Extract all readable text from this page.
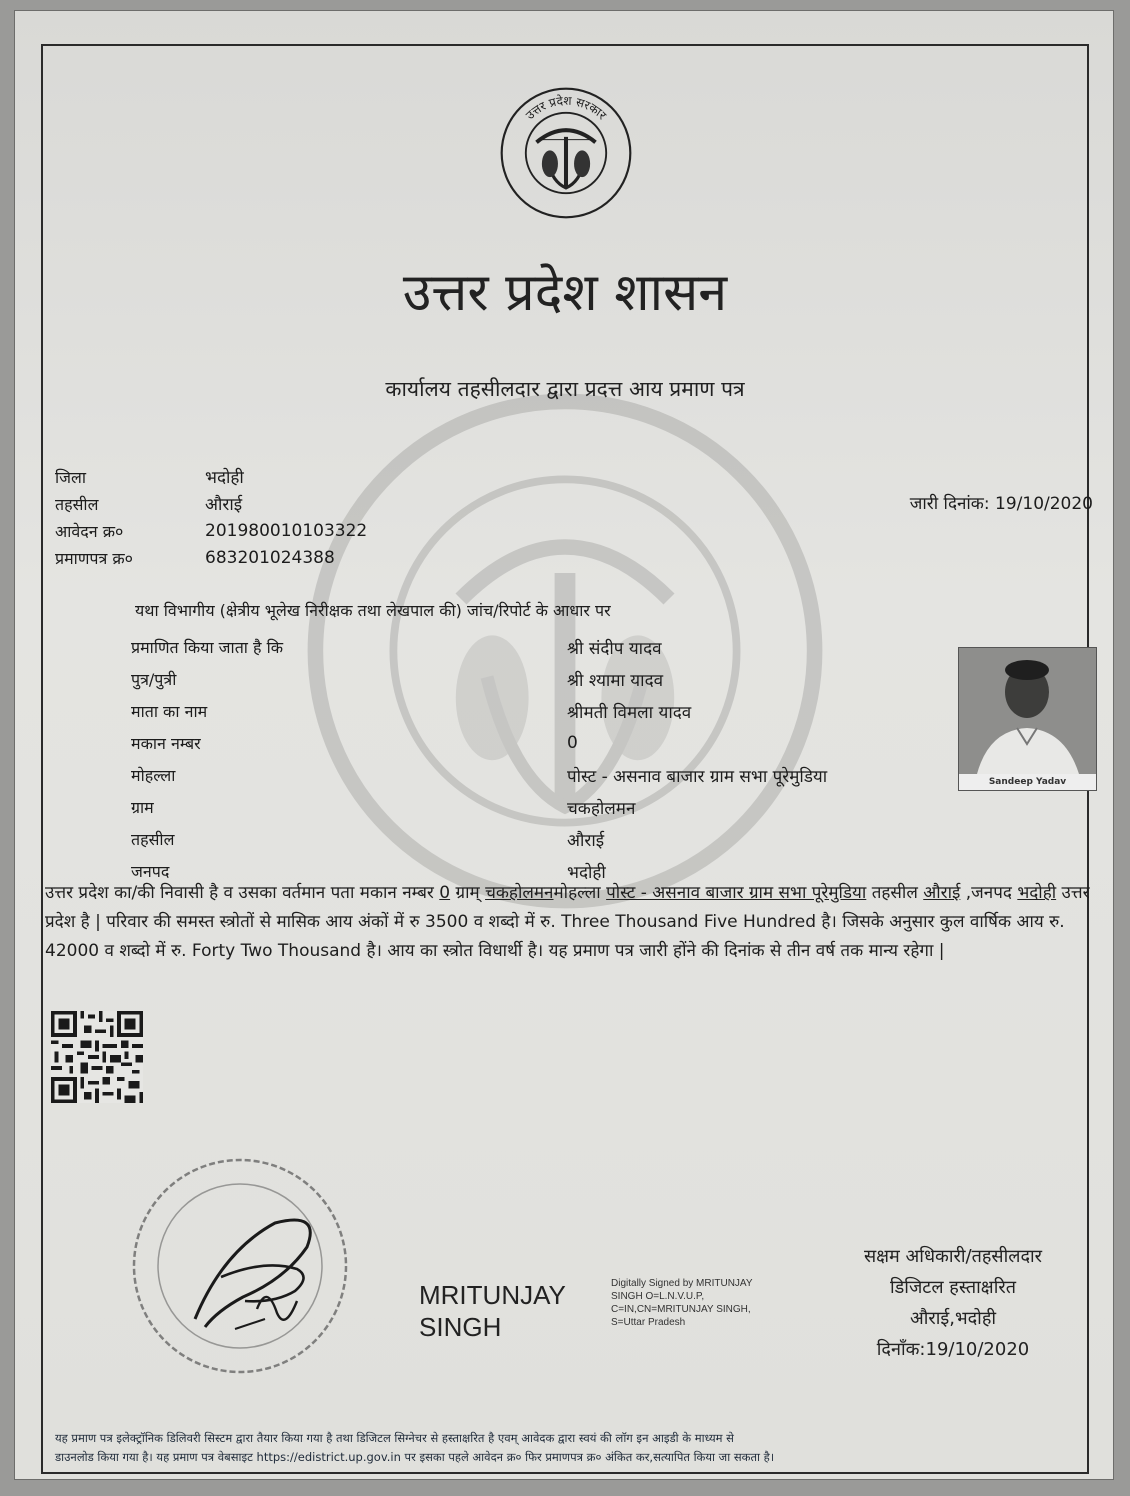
उत्तर प्रदेश सरकार
उत्तर प्रदेश शासन
कार्यालय तहसीलदार द्वारा प्रदत्त आय प्रमाण पत्र
जिला	भदोही
तहसील	औराई
आवेदन क्र०	201980010103322
प्रमाणपत्र क्र०	683201024388
जारी दिनांक: 19/10/2020
यथा विभागीय (क्षेत्रीय भूलेख निरीक्षक तथा लेखपाल की) जांच/रिपोर्ट के आधार पर
प्रमाणित किया जाता है कि	श्री संदीप यादव
पुत्र/पुत्री	श्री श्यामा यादव
माता का नाम	श्रीमती विमला यादव
मकान नम्बर	0
मोहल्ला	पोस्ट - असनाव बाजार ग्राम सभा पूरेमुडिया
ग्राम	चकहोलमन
तहसील	औराई
जनपद	भदोही
Sandeep Yadav
उत्तर प्रदेश का/की निवासी है व उसका वर्तमान पता मकान नम्बर 0 ग्राम् चकहोलमनमोहल्ला पोस्ट - असनाव बाजार ग्राम सभा पूरेमुडिया तहसील औराई ,जनपद भदोही उत्तर प्रदेश है | परिवार की समस्त स्त्रोतों से मासिक आय अंकों में रु 3500 व शब्दो में रु. Three Thousand Five Hundred है। जिसके अनुसार कुल वार्षिक आय रु. 42000 व शब्दो में रु. Forty Two Thousand है। आय का स्त्रोत विधार्थी है। यह प्रमाण पत्र जारी होंने की दिनांक से तीन वर्ष तक मान्य रहेगा |
MRITUNJAY
SINGH
Digitally Signed by MRITUNJAY
SINGH O=L.N.V.U.P,
C=IN,CN=MRITUNJAY SINGH,
S=Uttar Pradesh
सक्षम अधिकारी/तहसीलदार
डिजिटल हस्ताक्षरित
औराई,भदोही
दिनाँक:19/10/2020
यह प्रमाण पत्र इलेक्ट्रॉनिक डिलिवरी सिस्टम द्वारा तैयार किया गया है तथा डिजिटल सिग्नेचर से हस्ताक्षरित है एवम् आवेदक द्वारा स्वयं की लॉग इन आइडी के माध्यम से
डाउनलोड किया गया है। यह प्रमाण पत्र वेबसाइट https://edistrict.up.gov.in पर इसका पहले आवेदन क्र० फिर प्रमाणपत्र क्र० अंकित कर,सत्यापित किया जा सकता है।
